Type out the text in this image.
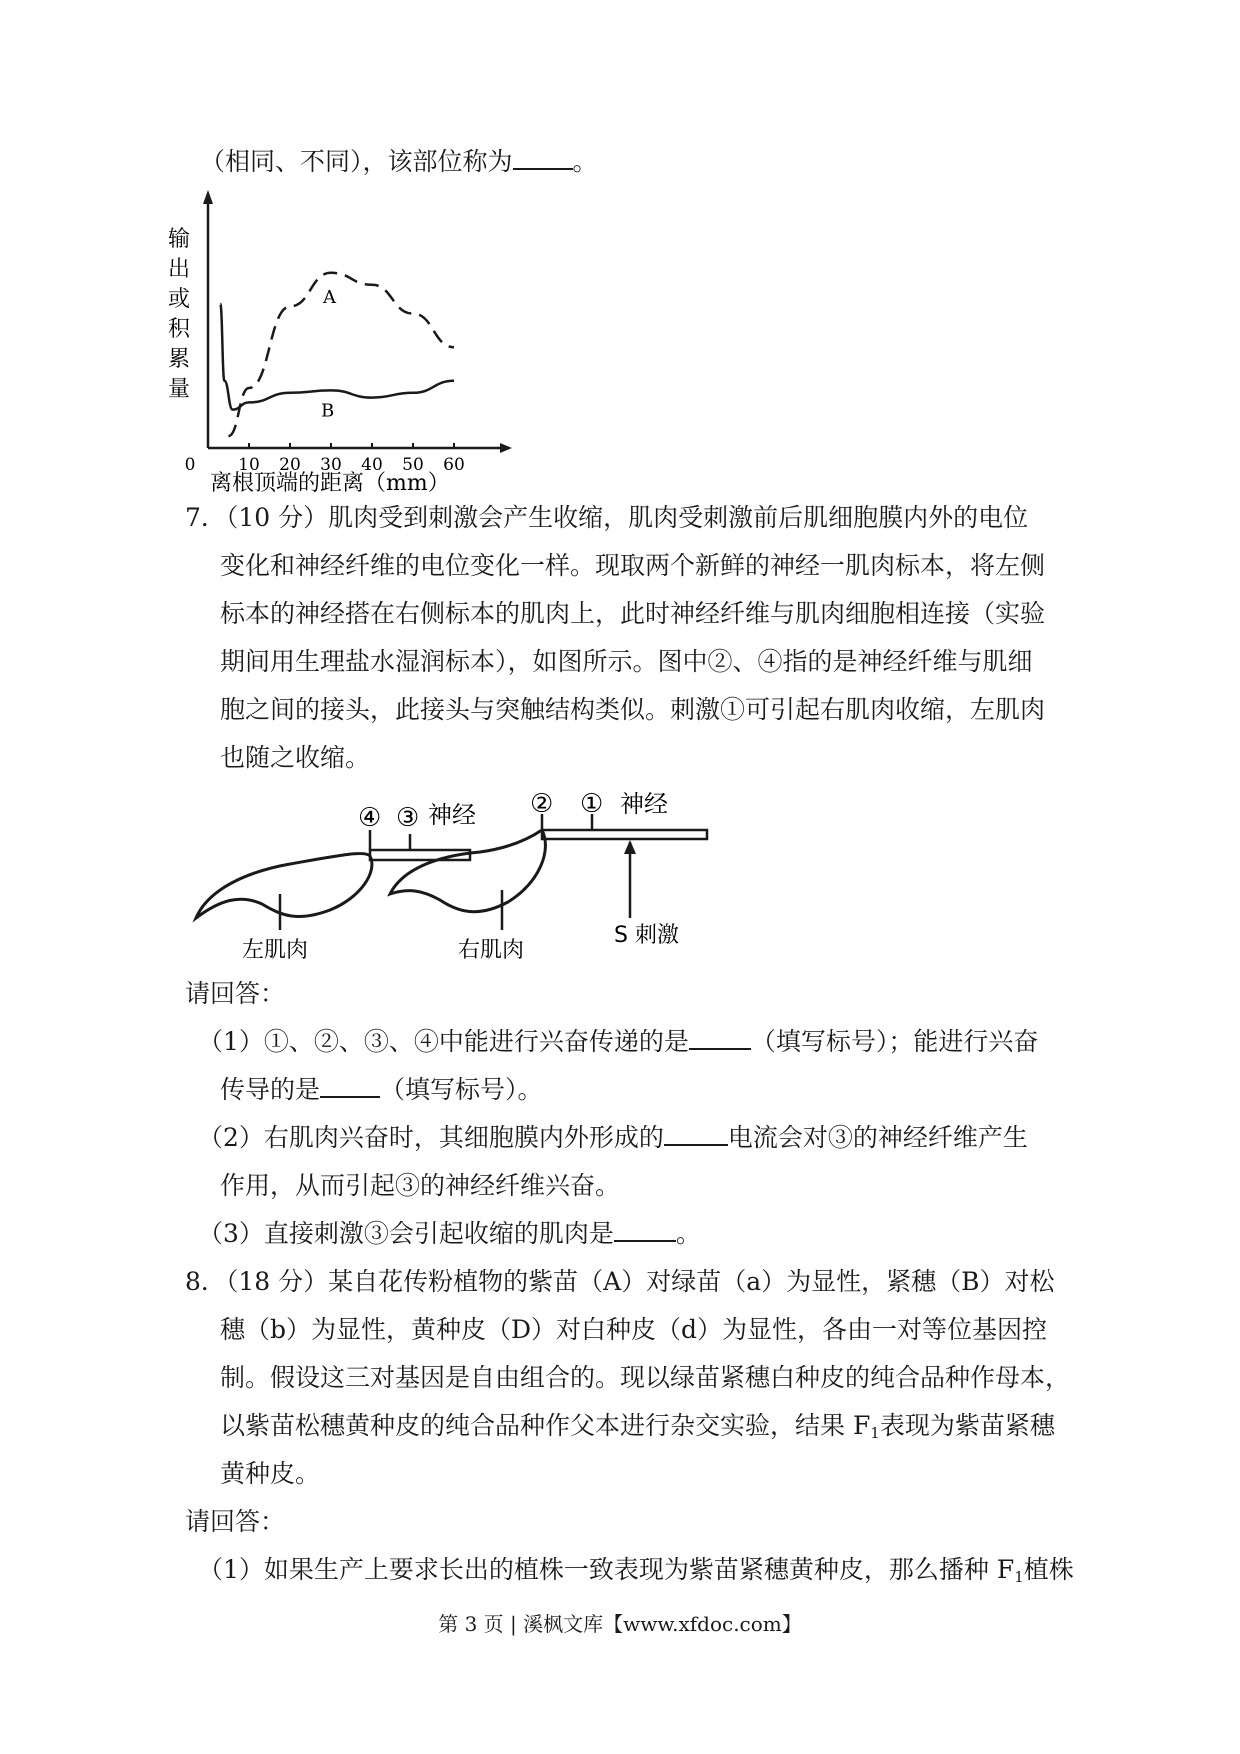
（相同、不同），该部位称为 。
输
出
或
积
累
量
0	10 20 30 40 50 60
离根顶端的距离（mm）
A
B
7．（10 分）肌肉受到刺激会产生收缩，肌肉受刺激前后肌细胞膜内外的电位
变化和神经纤维的电位变化一样。现取两个新鲜的神经一肌肉标本，将左侧
标本的神经搭在右侧标本的肌肉上，此时神经纤维与肌肉细胞相连接（实验
期间用生理盐水湿润标本），如图所示。图中②、④指的是神经纤维与肌细
胞之间的接头，此接头与突触结构类似。刺激①可引起右肌肉收缩，左肌肉
也随之收缩。
④ ③ 神经 ② ① 神经
左肌肉	右肌肉
S 刺激
请回答：
（1）①、②、③、④中能进行兴奋传递的是 （填写标号）；能进行兴奋
传导的是 （填写标号）。
（2）右肌肉兴奋时，其细胞膜内外形成的	电流会对③的神经纤维产生
作用，从而引起③的神经纤维兴奋。
（3）直接刺激③会引起收缩的肌肉是 。
8．（18 分）某自花传粉植物的紫苗（A）对绿苗（a）为显性，紧穗（B）对松
穗（b）为显性，黄种皮（D）对白种皮（d）为显性，各由一对等位基因控
制。假设这三对基因是自由组合的。现以绿苗紧穗白种皮的纯合品种作母本，
以紫苗松穗黄种皮的纯合品种作父本进行杂交实验，结果 $F_1$表现为紫苗紧穗
黄种皮。
请回答：
（1）如果生产上要求长出的植株一致表现为紫苗紧穗黄种皮，那么播种 $F_1$植株
第 3 页 | 溪枫文库【www.xfdoc.com】
